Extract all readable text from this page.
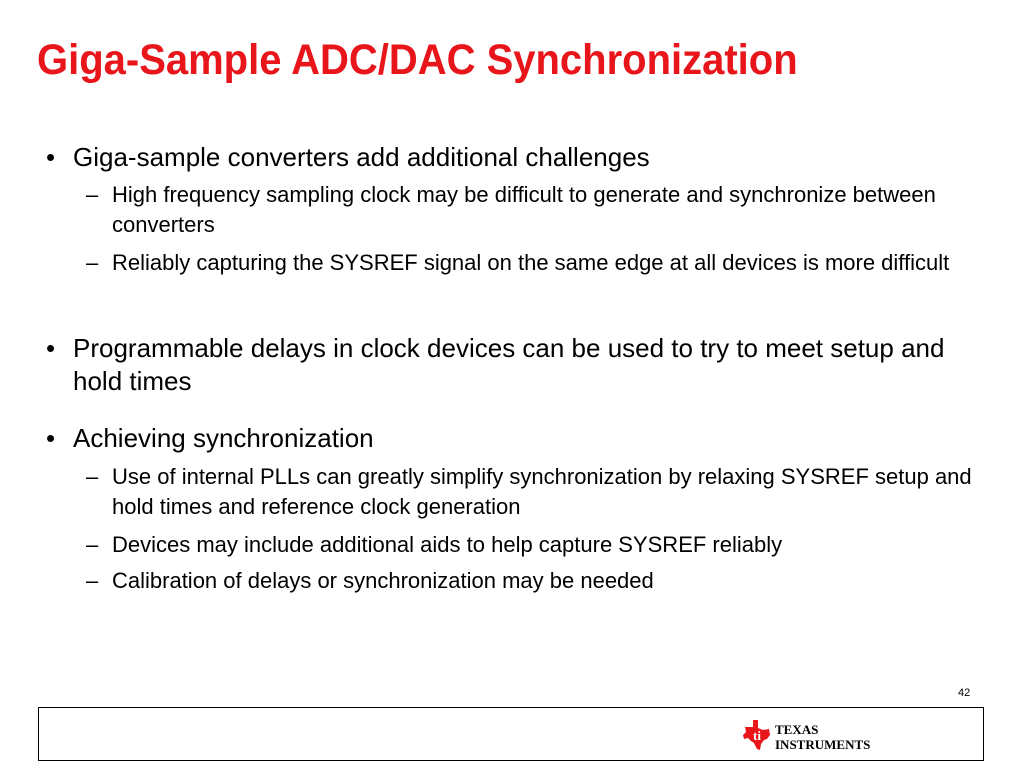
Giga-Sample ADC/DAC Synchronization
• Giga-sample converters add additional challenges
– High frequency sampling clock may be difficult to generate and synchronize between converters
– Reliably capturing the SYSREF signal on the same edge at all devices is more difficult
• Programmable delays in clock devices can be used to try to meet setup and hold times
• Achieving synchronization
– Use of internal PLLs can greatly simplify synchronization by relaxing SYSREF setup and hold times and reference clock generation
– Devices may include additional aids to help capture SYSREF reliably
– Calibration of delays or synchronization may be needed
42
ti TEXAS
INSTRUMENTS
